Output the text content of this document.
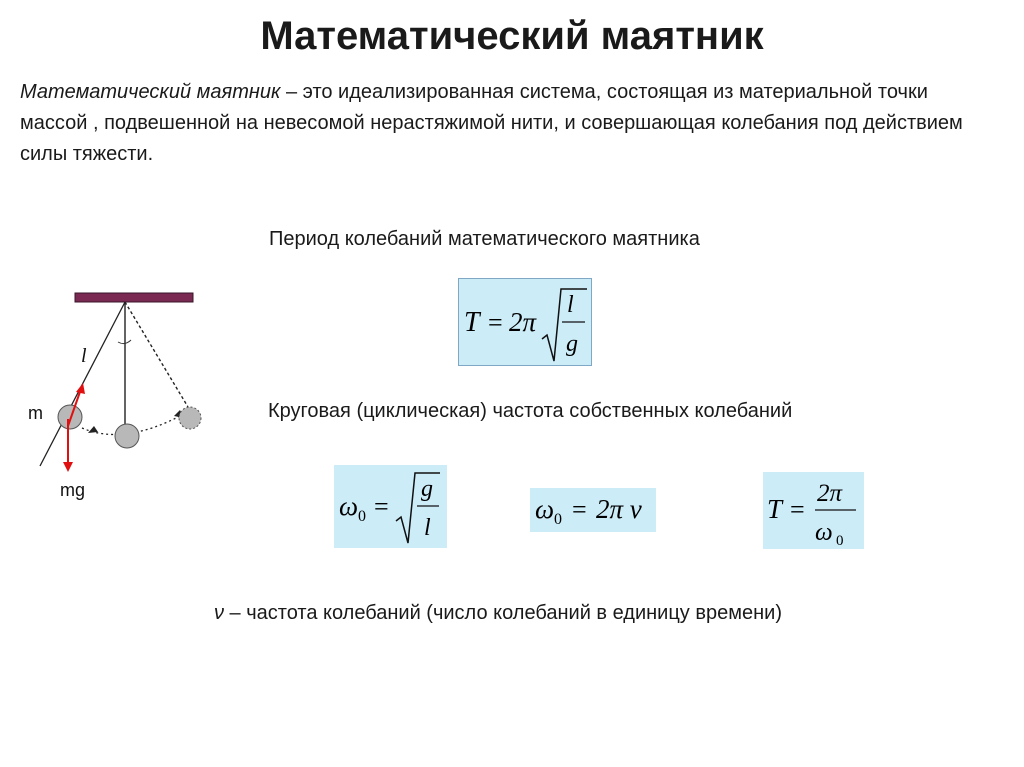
Математический маятник
Математический маятник – это идеализированная система, состоящая из материальной точки массой , подвешенной на невесомой нерастяжимой нити, и совершающая колебания под действием силы тяжести.
Период колебаний математического маятника
Круговая (циклическая) частота собственных колебаний
l
m
mg
T = 2π
l
g
ω 0 =
g
l
ω 0 = 2π ν	T =
2π
ω 0
ν – частота колебаний (число колебаний в единицу времени)
